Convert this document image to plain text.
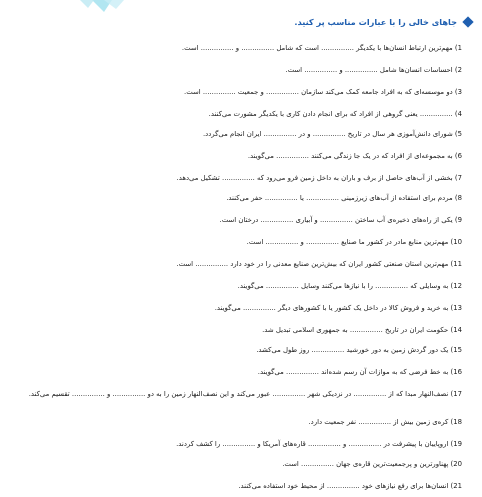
جاهای خالی را با عبارات مناسب پر کنید.
1) مهم‌ترین ارتباط انسان‌ها با یکدیگر ............... است که شامل ............... و ............... است.
2) احساسات انسان‌ها شامل ............... و ............... است.
3) دو موسسه‌ای که به افراد جامعه کمک می‌کند سازمان ............... و جمعیت ............... است.
4) ............... یعنی گروهی از افراد که برای انجام دادن کاری با یکدیگر مشورت می‌کنند.
5) شورای دانش‌آموزی هر سال در تاریخ ............... و در ............... ایران انجام می‌گردد.
6) به مجموعه‌ای از افراد که در یک جا زندگی می‌کنند ............... می‌گویند.
7) بخشی از آب‌های حاصل از برف و باران به داخل زمین فرو می‌رود که ............... تشکیل می‌دهد.
8) مردم برای استفاده از آب‌های زیرزمینی ............... یا ............... حفر می‌کنند.
9) یکی از راه‌های ذخیره‌ی آب ساختن ............... و آبیاری ............... درختان است.
10) مهم‌ترین منابع مادر در کشور ما صنایع ............... و ............... است.
11) مهم‌ترین استان صنعتی کشور ایران که بیش‌ترین صنایع معدنی را در خود دارد ............... است.
12) به وسایلی که ............... را با نیاز‌ها می‌کنند وسایل ............... می‌گویند.
13) به خرید و فروش کالا در داخل یک کشور یا با کشورهای دیگر ............... می‌گویند.
14) حکومت ایران در تاریخ ............... به جمهوری اسلامی تبدیل شد.
15) یک دور گردش زمین به دور خورشید ............... روز طول می‌کشد.
16) به خط فرضی که به موازات آن رسم شده‌اند ............... می‌گویند.
17) نصف‌النهار مبدا که از ............... در نزدیکی شهر ............... عبور می‌کند و این نصف‌النهار زمین را به دو ............... و ............... تقسیم می‌کند.
18) کره‌ی زمین بیش از ............... نفر جمعیت دارد.
19) اروپاییان با پیشرفت در ............... و ............... قاره‌های آمریکا و ............... را کشف کردند.
20) پهناورترین و پرجمعیت‌ترین قاره‌ی جهان ............... است.
21) انسان‌ها برای رفع نیازهای خود ............... از محیط خود استفاده می‌کنند.
